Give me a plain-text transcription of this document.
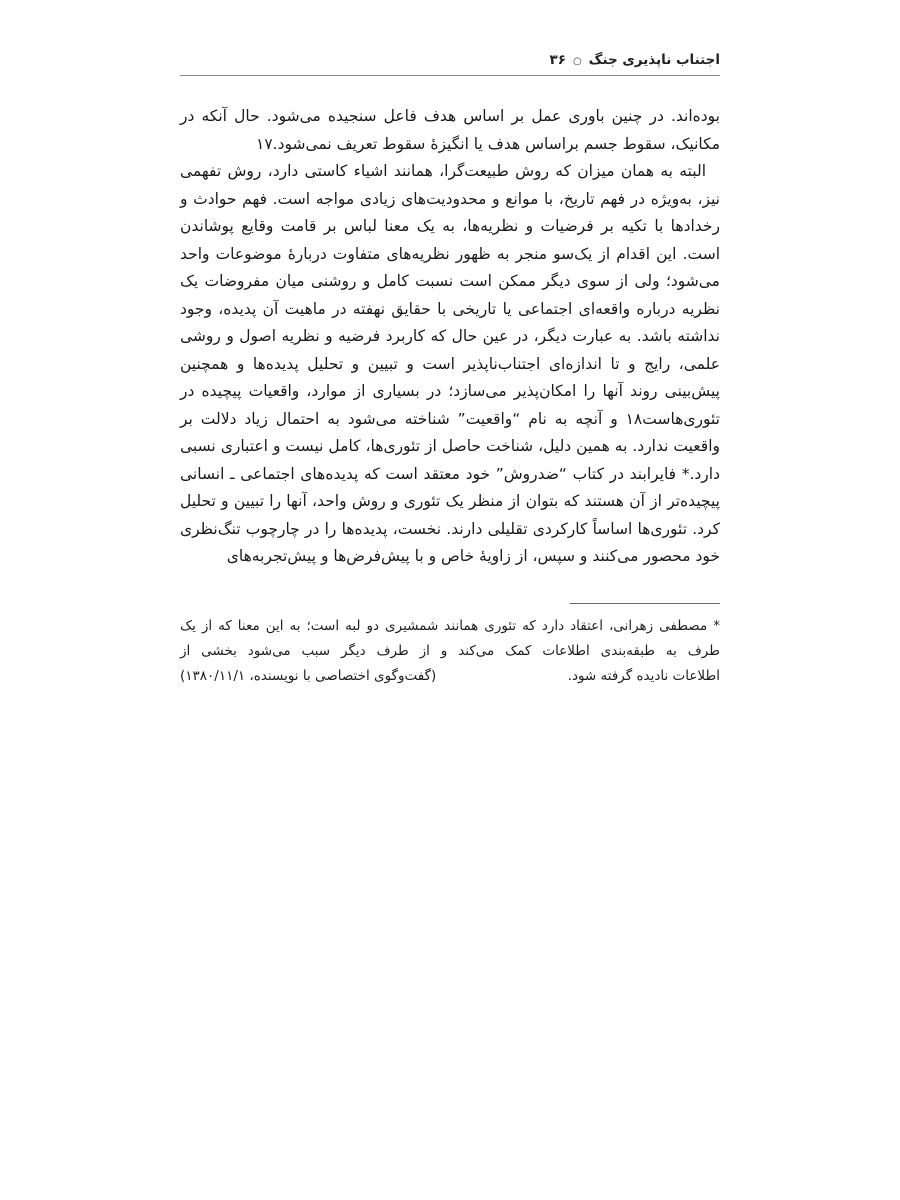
۳۶ ○ اجتناب ناپذیری جنگ

بوده‌اند. در چنین باوری عمل بر اساس هدف فاعل سنجیده می‌شود. حال آنکه در مکانیک، سقوط جسم براساس هدف یا انگیزهٔ سقوط تعریف نمی‌شود.۱۷

البته به همان میزان که روش طبیعت‌گرا، همانند اشیاء کاستی دارد، روش تفهمی نیز، به‌ویژه در فهم تاریخ، با موانع و محدودیت‌های زیادی مواجه است. فهم حوادث و رخدادها با تکیه بر فرضیات و نظریه‌ها، به یک معنا لباس بر قامت وقایع پوشاندن است. این اقدام از یک‌سو منجر به ظهور نظریه‌های متفاوت دربارهٔ موضوعات واحد می‌شود؛ ولی از سوی دیگر ممکن است نسبت کامل و روشنی میان مفروضات یک نظریه درباره واقعه‌ای اجتماعی یا تاریخی با حقایق نهفته در ماهیت آن پدیده، وجود نداشته باشد. به عبارت دیگر، در عین حال که کاربرد فرضیه و نظریه اصول و روشی علمی، رایج و تا اندازه‌ای اجتناب‌ناپذیر است و تبیین و تحلیل پدیده‌ها و همچنین پیش‌بینی روند آنها را امکان‌پذیر می‌سازد؛ در بسیاری از موارد، واقعیات پیچیده در تئوری‌هاست۱۸ و آنچه به نام “واقعیت” شناخته می‌شود به احتمال زیاد دلالت بر واقعیت ندارد. به همین دلیل، شناخت حاصل از تئوری‌ها، کامل نیست و اعتباری نسبی دارد.* فایرابند در کتاب “ضدروش” خود معتقد است که پدیده‌های اجتماعی ـ انسانی پیچیده‌تر از آن هستند که بتوان از منظر یک تئوری و روش واحد، آنها را تبیین و تحلیل کرد. تئوری‌ها اساساً کارکردی تقلیلی دارند. نخست، پدیده‌ها را در چارچوب تنگ‌نظری خود محصور می‌کنند و سپس، از زاویهٔ خاص و با پیش‌فرض‌ها و پیش‌تجربه‌های

* مصطفی زهرانی، اعتقاد دارد که تئوری همانند شمشیری دو لبه است؛ به این معنا که از یک طرف به طبقه‌بندی اطلاعات کمک می‌کند و از طرف دیگر سبب می‌شود بخشی از

اطلاعات نادیده گرفته شود.
(گفت‌وگوی اختصاصی با نویسنده، ۱۳۸۰/۱۱/۱)
